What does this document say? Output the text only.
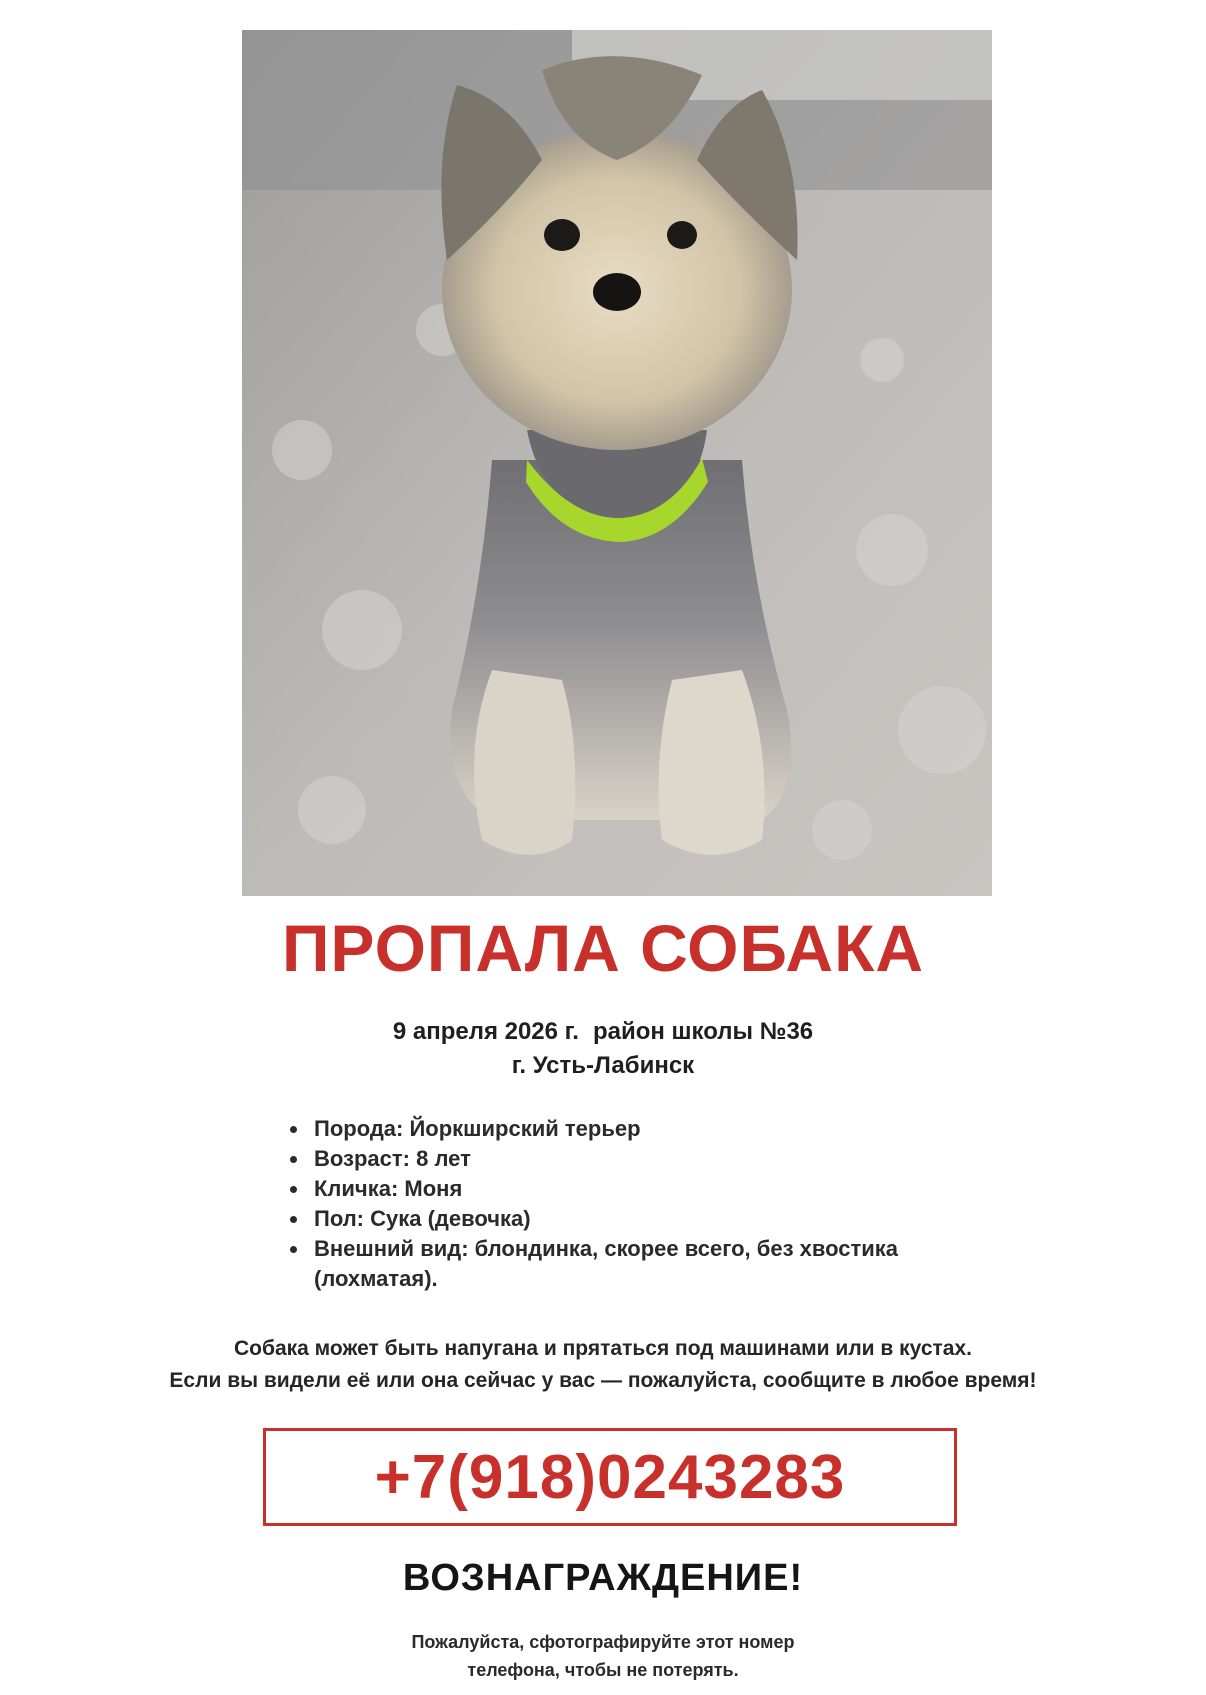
ПРОПАЛА СОБАКА
9 апреля 2026 г. район школы №36
г. Усть-Лабинск
• Порода: Йоркширский терьер
• Возраст: 8 лет
• Кличка: Моня
• Пол: Сука (девочка)
• Внешний вид: блондинка, скорее всего, без хвостика (лохматая).
Собака может быть напугана и прятаться под машинами или в кустах.
Если вы видели её или она сейчас у вас — пожалуйста, сообщите в любое время!
+7(918)0243283
ВОЗНАГРАЖДЕНИЕ!
Пожалуйста, сфотографируйте этот номер
телефона, чтобы не потерять.
